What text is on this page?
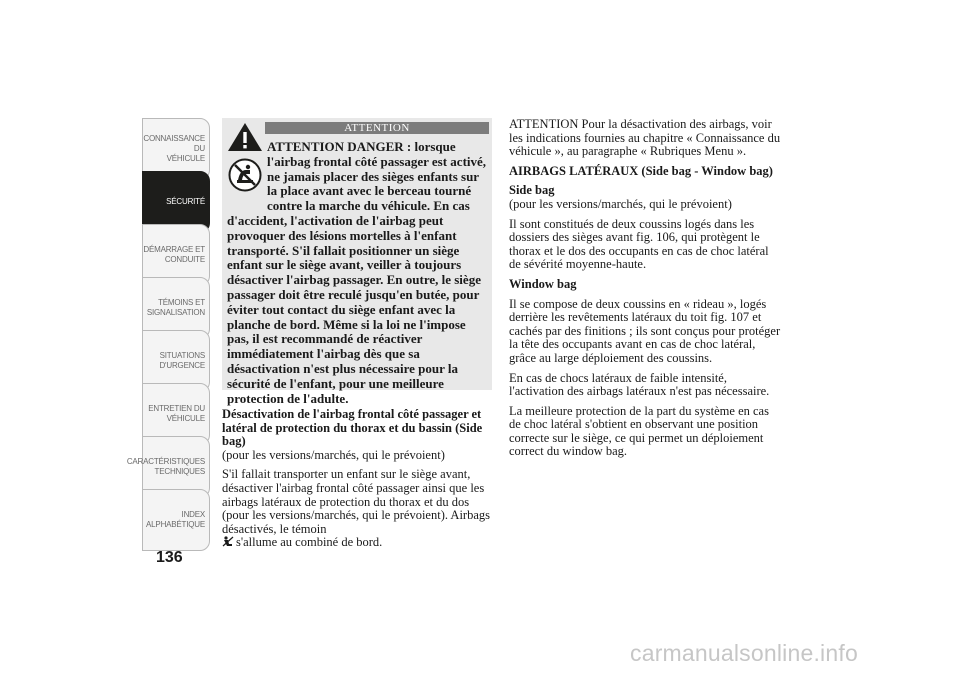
CONNAISSANCE DU
VÉHICULE
SÉCURITÉ
DÉMARRAGE ET
CONDUITE
TÉMOINS ET
SIGNALISATION
SITUATIONS
D'URGENCE
ENTRETIEN DU
VÉHICULE
CARACTÉRISTIQUES
TECHNIQUES
INDEX
ALPHABÉTIQUE
136
ATTENTION
ATTENTION DANGER : lorsque l'airbag frontal côté passager est activé, ne jamais placer des sièges enfants sur la place avant avec le berceau tourné contre la marche du véhicule. En cas d'accident, l'activation de l'airbag peut provoquer des lésions mortelles à l'enfant transporté. S'il fallait positionner un siège enfant sur le siège avant, veiller à toujours désactiver l'airbag passager. En outre, le siège passager doit être reculé jusqu'en butée, pour éviter tout contact du siège enfant avec la planche de bord. Même si la loi ne l'impose pas, il est recommandé de réactiver immédiatement l'airbag dès que sa désactivation n'est plus nécessaire pour la sécurité de l'enfant, pour une meilleure protection de l'adulte.

Désactivation de l'airbag frontal côté passager et latéral de protection du thorax et du bassin (Side bag)

(pour les versions/marchés, qui le prévoient)

S'il fallait transporter un enfant sur le siège avant, désactiver l'airbag frontal côté passager ainsi que les airbags latéraux de protection du thorax et du dos (pour les versions/marchés, qui le prévoient). Airbags désactivés, le témoin
s'allume au combiné de bord.

ATTENTION Pour la désactivation des airbags, voir les indications fournies au chapitre « Connaissance du véhicule », au paragraphe « Rubriques Menu ».

AIRBAGS LATÉRAUX (Side bag - Window bag)

Side bag

(pour les versions/marchés, qui le prévoient)

Il sont constitués de deux coussins logés dans les dossiers des sièges avant fig. 106, qui protègent le thorax et le dos des occupants en cas de choc latéral de sévérité moyenne-haute.

Window bag

Il se compose de deux coussins en « rideau », logés derrière les revêtements latéraux du toit fig. 107 et cachés par des finitions ; ils sont conçus pour protéger la tête des occupants avant en cas de choc latéral, grâce au large déploiement des coussins.

En cas de chocs latéraux de faible intensité, l'activation des airbags latéraux n'est pas nécessaire.

La meilleure protection de la part du système en cas de choc latéral s'obtient en observant une position correcte sur le siège, ce qui permet un déploiement correct du window bag.

carmanualsonline.info
